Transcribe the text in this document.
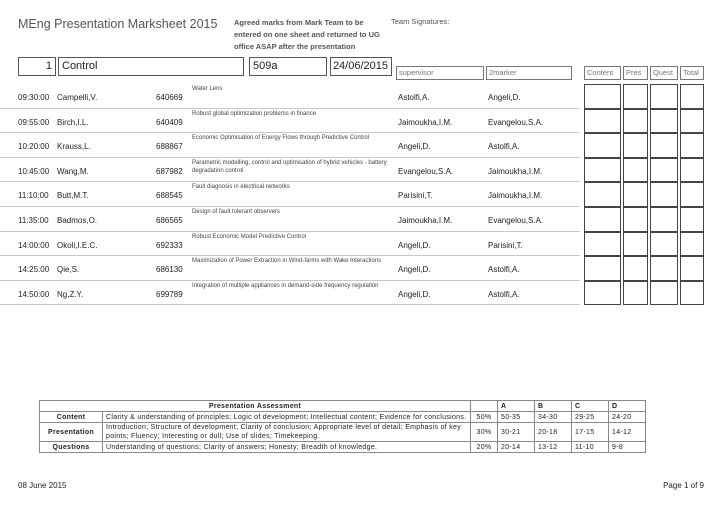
MEng Presentation Marksheet 2015 Agreed marks from Mark Team to be entered on one sheet and returned to UG office ASAP after the presentation
Team Signatures:
1 Control	509a	24/06/2015
supervisor	2marker	Content	Pres	Quest	Total
09:30:00 Campelli,V.	640669
Water Lens
Astolfi,A.	Angeli,D.
09:55:00 Birch,I.L.	640409
Robust global optimization problems in finance
Jaimoukha,I.M.	Evangelou,S.A.
10:20:00 Krauss,L.	688867
Economic Optimisation of Energy Flows through Predictive Control
Angeli,D.	Astolfi,A.
10:45:00 Wang,M.	687982
Parametric modelling, control and optimisation of hybrid vehicles - battery degradation control	Evangelou,S.A.	Jaimoukha,I.M.
11:10:00 Butt,M.T.	688545
Fault diagnosis in electrical networks
Parisini,T.	Jaimoukha,I.M.
11:35:00 Badmos,O.	686565
Design of fault tolerant observers
Jaimoukha,I.M.	Evangelou,S.A.
14:00:00 Okoli,I.E.C.	692333
Robust Economic Model Predictive Control
Angeli,D.	Parisini,T.
14:25:00 Qie,S.	686130
Maximization of Power Extraction in Wind-farms with Wake Interactions
Angeli,D.	Astolfi,A.
14:50:00 Ng,Z.Y.	699789
Integration of multiple appliances in demand-side frequency regulation
Angeli,D.	Astolfi,A.
Presentation Assessment			A	B	C	D
Content	Clarity & understanding of principles; Logic of development; Intellectual content; Evidence for conclusions.	50%	50-35	34-30	29-25	24-20
Presentation	Introduction; Structure of development; Clarity of conclusion; Appropriate level of detail; Emphasis of key points; Fluency; Interesting or dull; Use of slides; Timekeeping.	30%	30-21	20-18	17-15	14-12
Questions	Understanding of questions; Clarity of answers; Honesty; Breadth of knowledge.	20%	20-14	13-12	11-10	9-8
08 June 2015	Page 1 of 9
